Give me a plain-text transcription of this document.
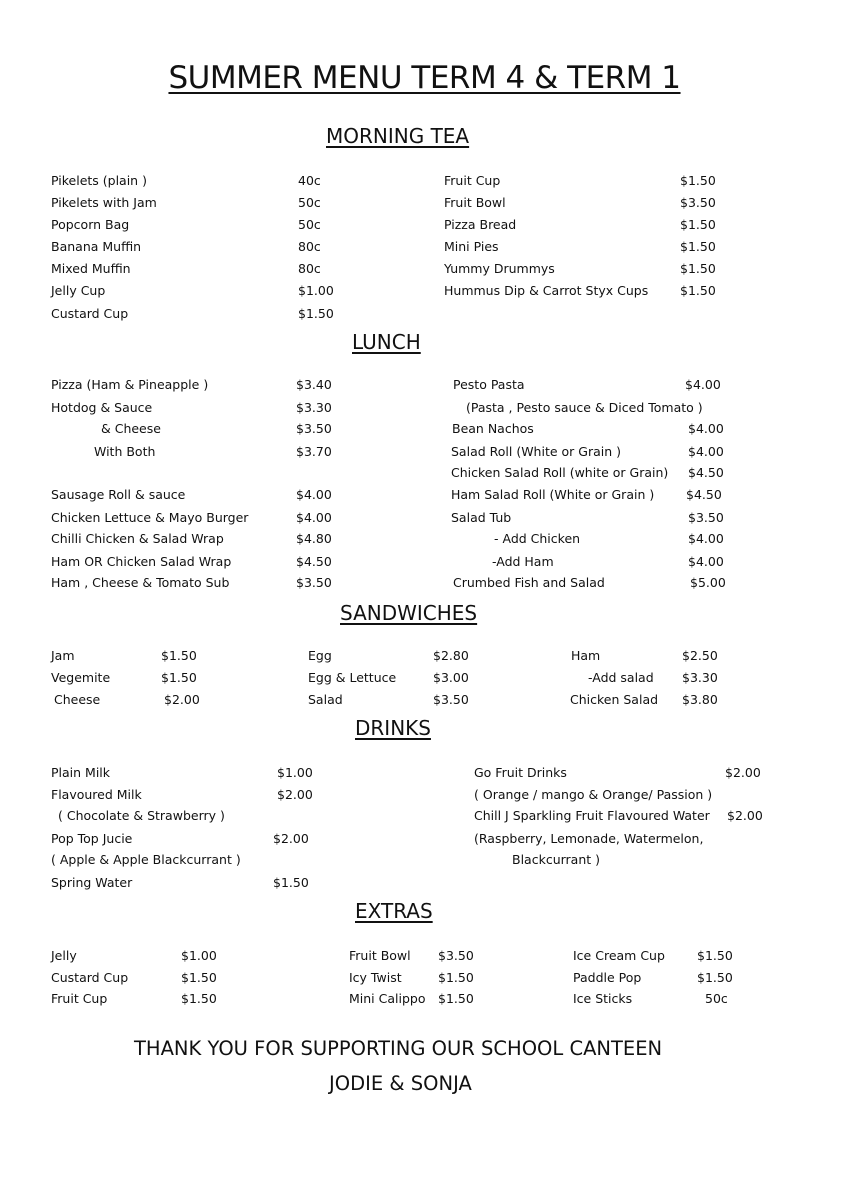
SUMMER MENU TERM 4 & TERM 1
MORNING TEA
LUNCH
SANDWICHES
DRINKS
EXTRAS
Pikelets (plain )	40c
Pikelets with Jam	50c
Popcorn Bag	50c
Banana Muffin	80c
Mixed Muffin	80c
Jelly Cup	$1.00
Custard Cup	$1.50
Fruit Cup	$1.50
Fruit Bowl	$3.50
Pizza Bread	$1.50
Mini Pies	$1.50
Yummy Drummys	$1.50
Hummus Dip & Carrot Styx Cups	$1.50
Pizza (Ham & Pineapple )	$3.40
Hotdog & Sauce	$3.30
& Cheese	$3.50
With Both	$3.70
Sausage Roll & sauce	$4.00
Chicken Lettuce & Mayo Burger	$4.00
Chilli Chicken & Salad Wrap	$4.80
Ham OR Chicken Salad Wrap	$4.50
Ham , Cheese & Tomato Sub	$3.50
Pesto Pasta	$4.00
(Pasta , Pesto sauce & Diced Tomato )
Bean Nachos	$4.00
Salad Roll (White or Grain )	$4.00
Chicken Salad Roll (white or Grain) $4.50
Ham Salad Roll (White or Grain )	$4.50
Salad Tub	$3.50
- Add Chicken	$4.00
-Add Ham	$4.00
Crumbed Fish and Salad	$5.00
Jam	$1.50
Vegemite	$1.50
Cheese	$2.00
Egg	$2.80
Egg & Lettuce	$3.00
Salad	$3.50
Ham	$2.50
-Add salad $3.30
Chicken Salad $3.80
Plain Milk	$1.00
Flavoured Milk	$2.00
( Chocolate & Strawberry )
Pop Top Jucie	$2.00
( Apple & Apple Blackcurrant )
Spring Water	$1.50
Go Fruit Drinks	$2.00
( Orange / mango & Orange/ Passion )
Chill J Sparkling Fruit Flavoured Water $2.00
(Raspberry, Lemonade, Watermelon,
Blackcurrant )
Jelly	$1.00
Custard Cup	$1.50
Fruit Cup	$1.50
Fruit Bowl $3.50
Icy Twist	$1.50
Mini Calippo $1.50
Ice Cream Cup	$1.50
Paddle Pop	$1.50
Ice Sticks	50c
THANK YOU FOR SUPPORTING OUR SCHOOL CANTEEN
JODIE & SONJA
